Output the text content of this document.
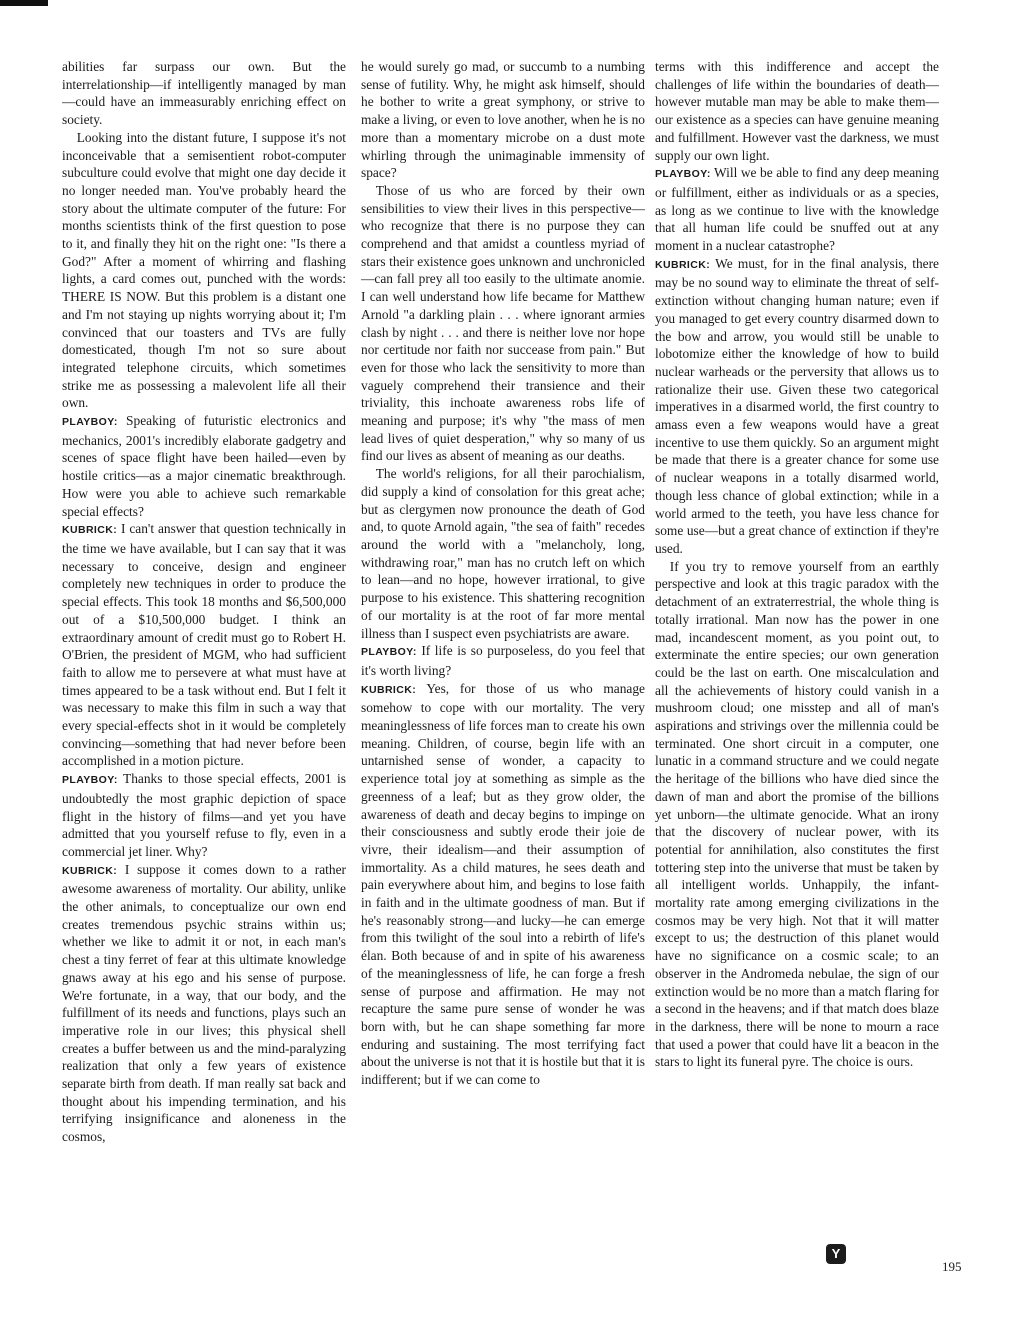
abilities far surpass our own. But the interrelationship—if intelligently managed by man—could have an immeasurably enriching effect on society.

Looking into the distant future, I suppose it's not inconceivable that a semisentient robot-computer subculture could evolve that might one day decide it no longer needed man. You've probably heard the story about the ultimate computer of the future: For months scientists think of the first question to pose to it, and finally they hit on the right one: "Is there a God?" After a moment of whirring and flashing lights, a card comes out, punched with the words: THERE IS NOW. But this problem is a distant one and I'm not staying up nights worrying about it; I'm convinced that our toasters and TVs are fully domesticated, though I'm not so sure about integrated telephone circuits, which sometimes strike me as possessing a malevolent life all their own.

PLAYBOY: Speaking of futuristic electronics and mechanics, 2001's incredibly elaborate gadgetry and scenes of space flight have been hailed—even by hostile critics—as a major cinematic breakthrough. How were you able to achieve such remarkable special effects?

KUBRICK: I can't answer that question technically in the time we have available, but I can say that it was necessary to conceive, design and engineer completely new techniques in order to produce the special effects. This took 18 months and $6,500,000 out of a $10,500,000 budget. I think an extraordinary amount of credit must go to Robert H. O'Brien, the president of MGM, who had sufficient faith to allow me to persevere at what must have at times appeared to be a task without end. But I felt it was necessary to make this film in such a way that every special-effects shot in it would be completely convincing—something that had never before been accomplished in a motion picture.

PLAYBOY: Thanks to those special effects, 2001 is undoubtedly the most graphic depiction of space flight in the history of films—and yet you have admitted that you yourself refuse to fly, even in a commercial jet liner. Why?

KUBRICK: I suppose it comes down to a rather awesome awareness of mortality. Our ability, unlike the other animals, to conceptualize our own end creates tremendous psychic strains within us; whether we like to admit it or not, in each man's chest a tiny ferret of fear at this ultimate knowledge gnaws away at his ego and his sense of purpose. We're fortunate, in a way, that our body, and the fulfillment of its needs and functions, plays such an imperative role in our lives; this physical shell creates a buffer between us and the mind-paralyzing realization that only a few years of existence separate birth from death. If man really sat back and thought about his impending termination, and his terrifying insignificance and aloneness in the cosmos,

he would surely go mad, or succumb to a numbing sense of futility. Why, he might ask himself, should he bother to write a great symphony, or strive to make a living, or even to love another, when he is no more than a momentary microbe on a dust mote whirling through the unimaginable immensity of space?

Those of us who are forced by their own sensibilities to view their lives in this perspective—who recognize that there is no purpose they can comprehend and that amidst a countless myriad of stars their existence goes unknown and unchronicled—can fall prey all too easily to the ultimate anomie. I can well understand how life became for Matthew Arnold "a darkling plain . . . where ignorant armies clash by night . . . and there is neither love nor hope nor certitude nor faith nor succease from pain." But even for those who lack the sensitivity to more than vaguely comprehend their transience and their triviality, this inchoate awareness robs life of meaning and purpose; it's why "the mass of men lead lives of quiet desperation," why so many of us find our lives as absent of meaning as our deaths.

The world's religions, for all their parochialism, did supply a kind of consolation for this great ache; but as clergymen now pronounce the death of God and, to quote Arnold again, "the sea of faith" recedes around the world with a "melancholy, long, withdrawing roar," man has no crutch left on which to lean—and no hope, however irrational, to give purpose to his existence. This shattering recognition of our mortality is at the root of far more mental illness than I suspect even psychiatrists are aware.

PLAYBOY: If life is so purposeless, do you feel that it's worth living?

KUBRICK: Yes, for those of us who manage somehow to cope with our mortality. The very meaninglessness of life forces man to create his own meaning. Children, of course, begin life with an untarnished sense of wonder, a capacity to experience total joy at something as simple as the greenness of a leaf; but as they grow older, the awareness of death and decay begins to impinge on their consciousness and subtly erode their joie de vivre, their idealism—and their assumption of immortality. As a child matures, he sees death and pain everywhere about him, and begins to lose faith in faith and in the ultimate goodness of man. But if he's reasonably strong—and lucky—he can emerge from this twilight of the soul into a rebirth of life's élan. Both because of and in spite of his awareness of the meaninglessness of life, he can forge a fresh sense of purpose and affirmation. He may not recapture the same pure sense of wonder he was born with, but he can shape something far more enduring and sustaining. The most terrifying fact about the universe is not that it is hostile but that it is indifferent; but if we can come to

terms with this indifference and accept the challenges of life within the boundaries of death—however mutable man may be able to make them—our existence as a species can have genuine meaning and fulfillment. However vast the darkness, we must supply our own light.

PLAYBOY: Will we be able to find any deep meaning or fulfillment, either as individuals or as a species, as long as we continue to live with the knowledge that all human life could be snuffed out at any moment in a nuclear catastrophe?

KUBRICK: We must, for in the final analysis, there may be no sound way to eliminate the threat of self-extinction without changing human nature; even if you managed to get every country disarmed down to the bow and arrow, you would still be unable to lobotomize either the knowledge of how to build nuclear warheads or the perversity that allows us to rationalize their use. Given these two categorical imperatives in a disarmed world, the first country to amass even a few weapons would have a great incentive to use them quickly. So an argument might be made that there is a greater chance for some use of nuclear weapons in a totally disarmed world, though less chance of global extinction; while in a world armed to the teeth, you have less chance for some use—but a great chance of extinction if they're used.

If you try to remove yourself from an earthly perspective and look at this tragic paradox with the detachment of an extraterrestrial, the whole thing is totally irrational. Man now has the power in one mad, incandescent moment, as you point out, to exterminate the entire species; our own generation could be the last on earth. One miscalculation and all the achievements of history could vanish in a mushroom cloud; one misstep and all of man's aspirations and strivings over the millennia could be terminated. One short circuit in a computer, one lunatic in a command structure and we could negate the heritage of the billions who have died since the dawn of man and abort the promise of the billions yet unborn—the ultimate genocide. What an irony that the discovery of nuclear power, with its potential for annihilation, also constitutes the first tottering step into the universe that must be taken by all intelligent worlds. Unhappily, the infant-mortality rate among emerging civilizations in the cosmos may be very high. Not that it will matter except to us; the destruction of this planet would have no significance on a cosmic scale; to an observer in the Andromeda nebulae, the sign of our extinction would be no more than a match flaring for a second in the heavens; and if that match does blaze in the darkness, there will be none to mourn a race that used a power that could have lit a beacon in the stars to light its funeral pyre. The choice is ours.

Y
195
